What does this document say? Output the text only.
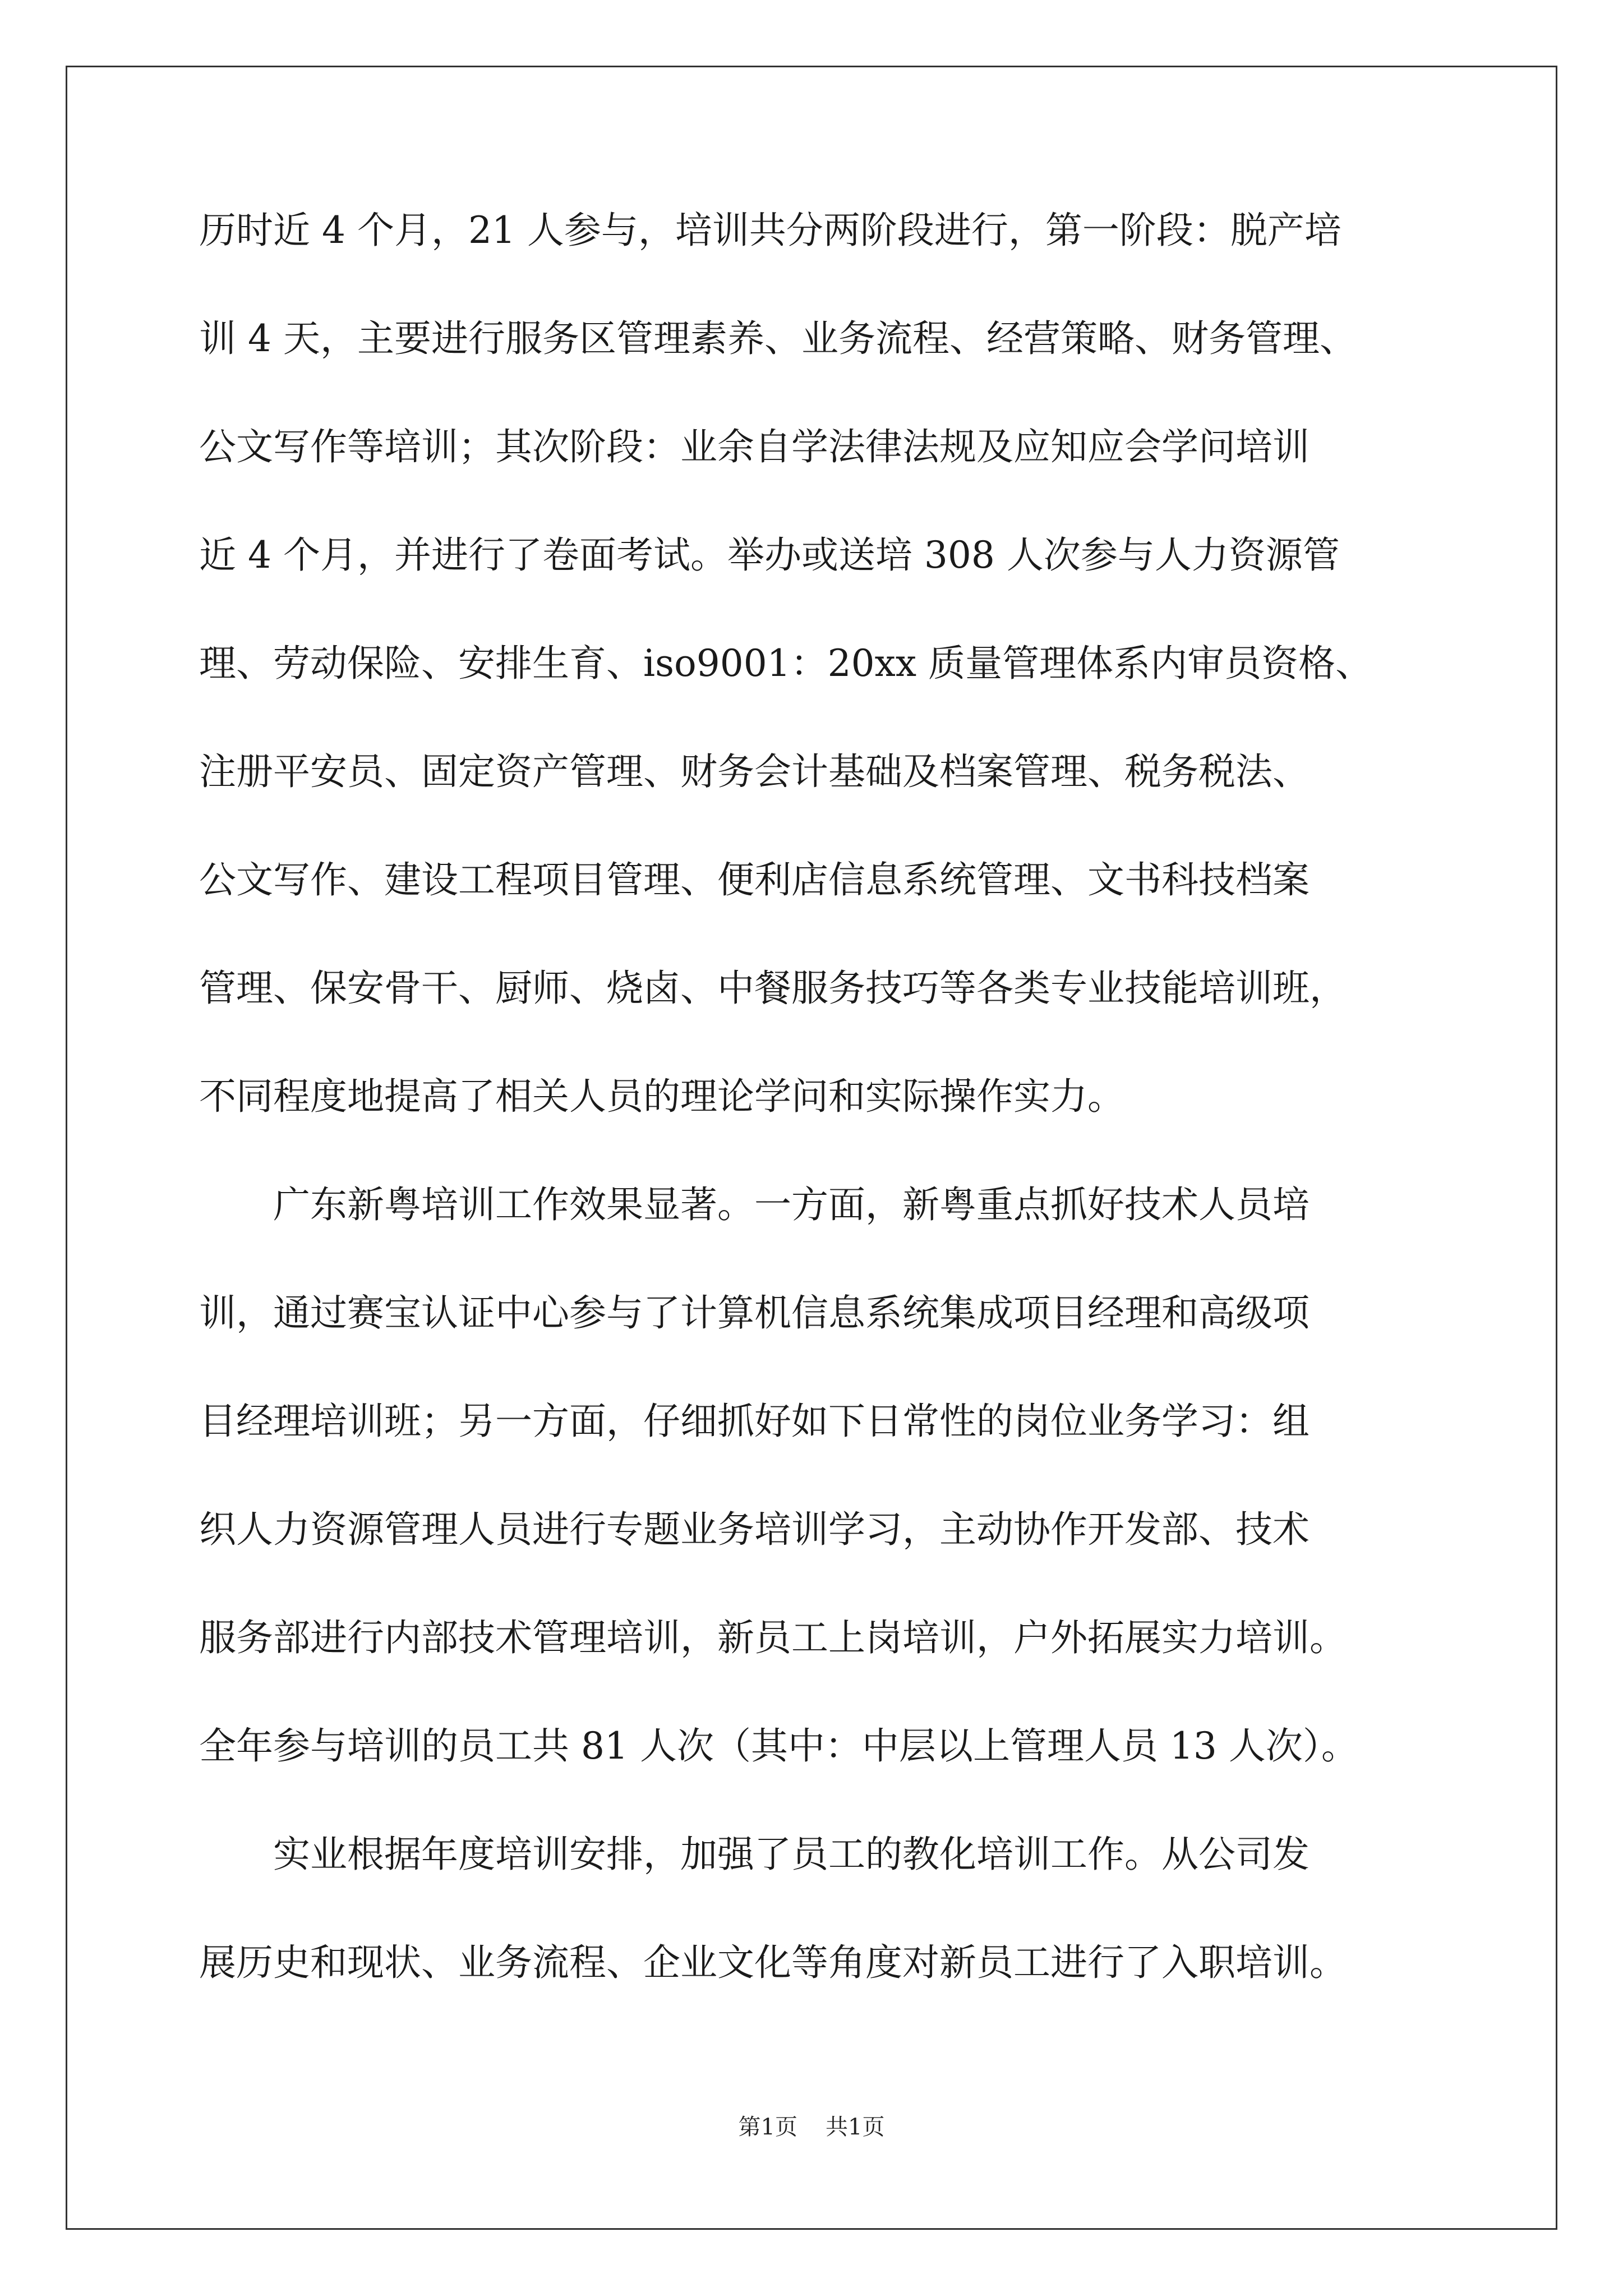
历时近 4 个月，21 人参与，培训共分两阶段进行，第一阶段：脱产培
训 4 天，主要进行服务区管理素养、业务流程、经营策略、财务管理、
公文写作等培训；其次阶段：业余自学法律法规及应知应会学问培训
近 4 个月，并进行了卷面考试。举办或送培 308 人次参与人力资源管
理、劳动保险、安排生育、iso9001：20xx 质量管理体系内审员资格、
注册平安员、固定资产管理、财务会计基础及档案管理、税务税法、
公文写作、建设工程项目管理、便利店信息系统管理、文书科技档案
管理、保安骨干、厨师、烧卤、中餐服务技巧等各类专业技能培训班，
不同程度地提高了相关人员的理论学问和实际操作实力。
广东新粤培训工作效果显著。一方面，新粤重点抓好技术人员培
训，通过赛宝认证中心参与了计算机信息系统集成项目经理和高级项
目经理培训班；另一方面，仔细抓好如下日常性的岗位业务学习：组
织人力资源管理人员进行专题业务培训学习，主动协作开发部、技术
服务部进行内部技术管理培训，新员工上岗培训，户外拓展实力培训。
全年参与培训的员工共 81 人次（其中：中层以上管理人员 13 人次）。
实业根据年度培训安排，加强了员工的教化培训工作。从公司发
展历史和现状、业务流程、企业文化等角度对新员工进行了入职培训。
第1页 共1页
